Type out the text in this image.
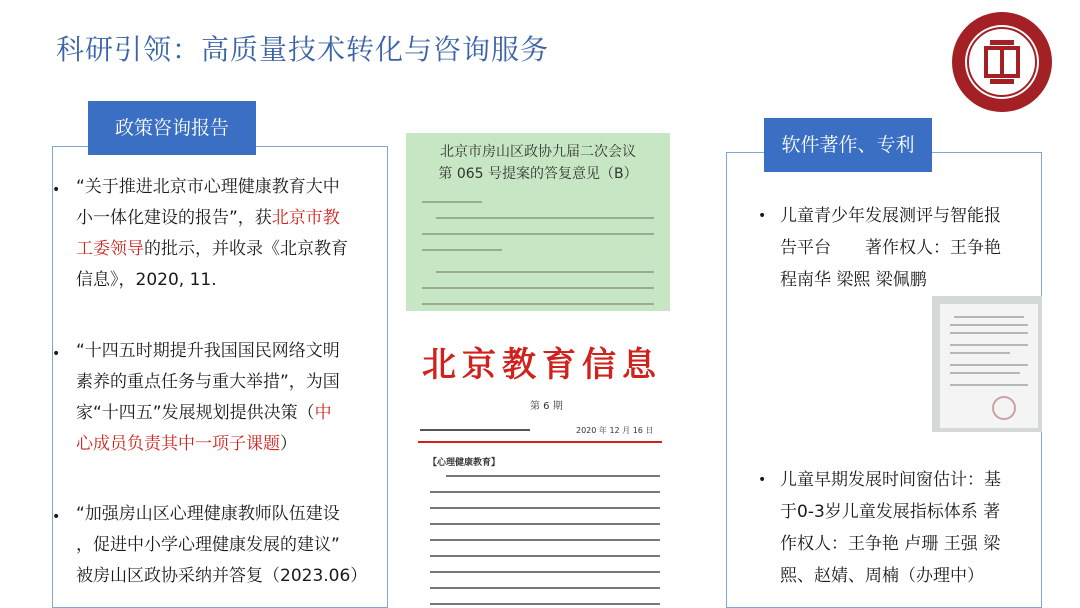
科研引领：高质量技术转化与咨询服务
政策咨询报告
• “关于推进北京市心理健康教育大中
小一体化建设的报告”，获北京市教
工委领导的批示，并收录《北京教育
信息》，2020, 11.
• “十四五时期提升我国国民网络文明
素养的重点任务与重大举措”，为国
家“十四五”发展规划提供决策（中
心成员负责其中一项子课题）
• “加强房山区心理健康教师队伍建设
，促进中小学心理健康发展的建议”
被房山区政协采纳并答复（2023.06）
北京市房山区政协九届二次会议
第 065 号提案的答复意见（B）
北京教育信息
第 6 期
2020 年 12 月 16 日
【心理健康教育】
软件著作、专利
• 儿童青少年发展测评与智能报
告平台　　著作权人：王争艳
程南华 梁熙 梁佩鹏
• 儿童早期发展时间窗估计：基
于0-3岁儿童发展指标体系 著
作权人：王争艳 卢珊 王强 梁
熙、赵婧、周楠（办理中）
